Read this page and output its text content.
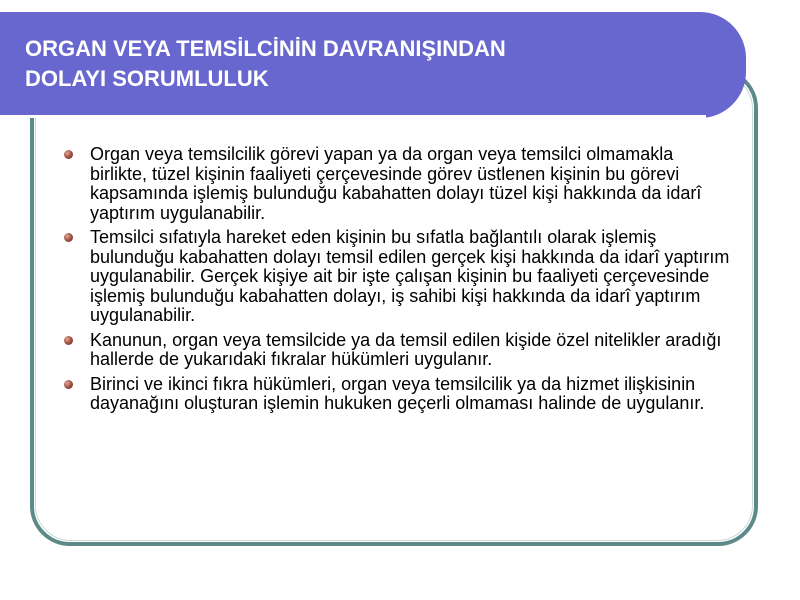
ORGAN VEYA TEMSİLCİNİN DAVRANIŞINDAN
DOLAYI SORUMLULUK
Organ veya temsilcilik görevi yapan ya da organ veya temsilci olmamakla birlikte, tüzel kişinin faaliyeti çerçevesinde görev üstlenen kişinin bu görevi kapsamında işlemiş bulunduğu kabahatten dolayı tüzel kişi hakkında da idarî yaptırım uygulanabilir.
Temsilci sıfatıyla hareket eden kişinin bu sıfatla bağlantılı olarak işlemiş bulunduğu kabahatten dolayı temsil edilen gerçek kişi hakkında da idarî yaptırım uygulanabilir. Gerçek kişiye ait bir işte çalışan kişinin bu faaliyeti çerçevesinde işlemiş bulunduğu kabahatten dolayı, iş sahibi kişi hakkında da idarî yaptırım uygulanabilir.
Kanunun, organ veya temsilcide ya da temsil edilen kişide özel nitelikler aradığı hallerde de yukarıdaki fıkralar hükümleri uygulanır.
Birinci ve ikinci fıkra hükümleri, organ veya temsilcilik ya da hizmet ilişkisinin dayanağını oluşturan işlemin hukuken geçerli olmaması halinde de uygulanır.
